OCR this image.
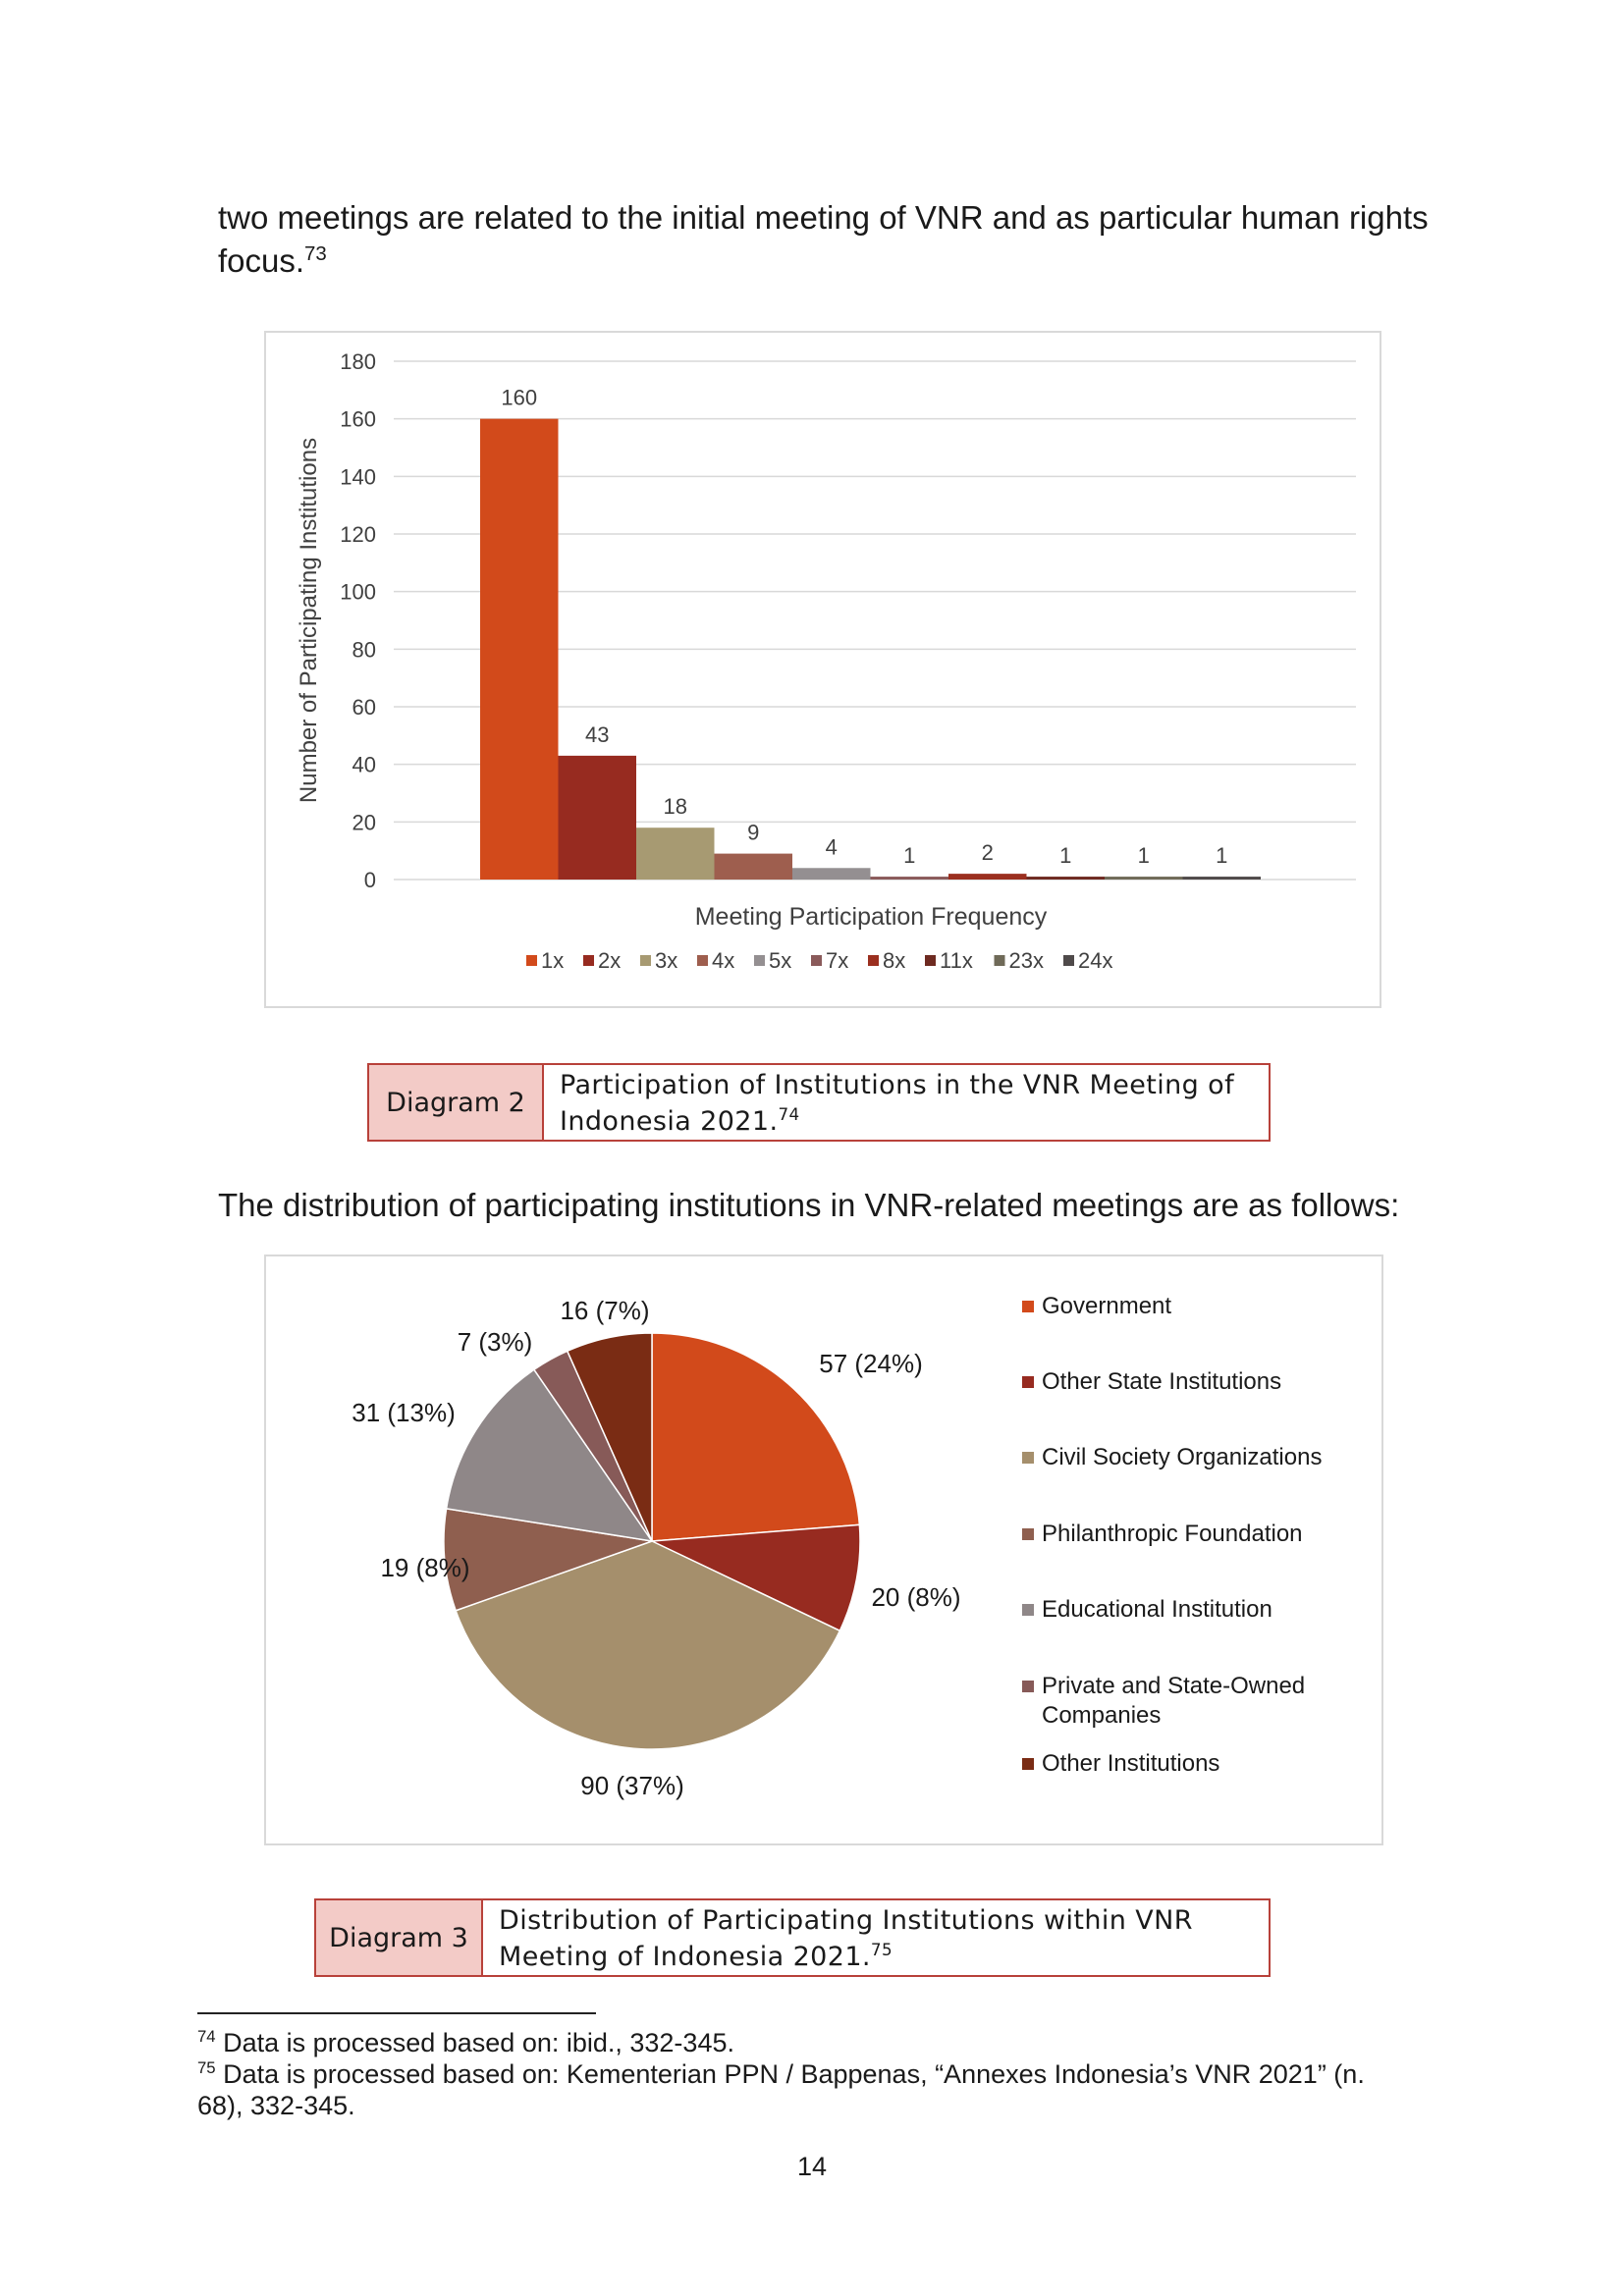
two meetings are related to the initial meeting of VNR and as particular human rights
focus.$^{73}$
0
20
40
60
80
100
120
140
160
180
160
43
18
9
4	1	2	1	1	1
Number of Participating Institutions
Meeting Participation Frequency
1x 2x 3x 4x 5x 7x 8x 11x 23x 24x
Diagram 2
Participation of Institutions in the VNR Meeting of
Indonesia 2021.74
The distribution of participating institutions in VNR-related meetings are as follows:
57 (24%)
20 (8%)
90 (37%)
19 (8%)
31 (13%)
7 (3%)
16 (7%)	Government
Other State Institutions
Civil Society Organizations
Philanthropic Foundation
Educational Institution
Private and State-Owned
Companies
Other Institutions
Diagram 3
Distribution of Participating Institutions within VNR
Meeting of Indonesia 2021.75
$^{74}$ Data is processed based on: ibid., 332-345.
$^{75}$ Data is processed based on: Kementerian PPN / Bappenas, “Annexes Indonesia’s VNR 2021” (n.
68), 332-345.
14
